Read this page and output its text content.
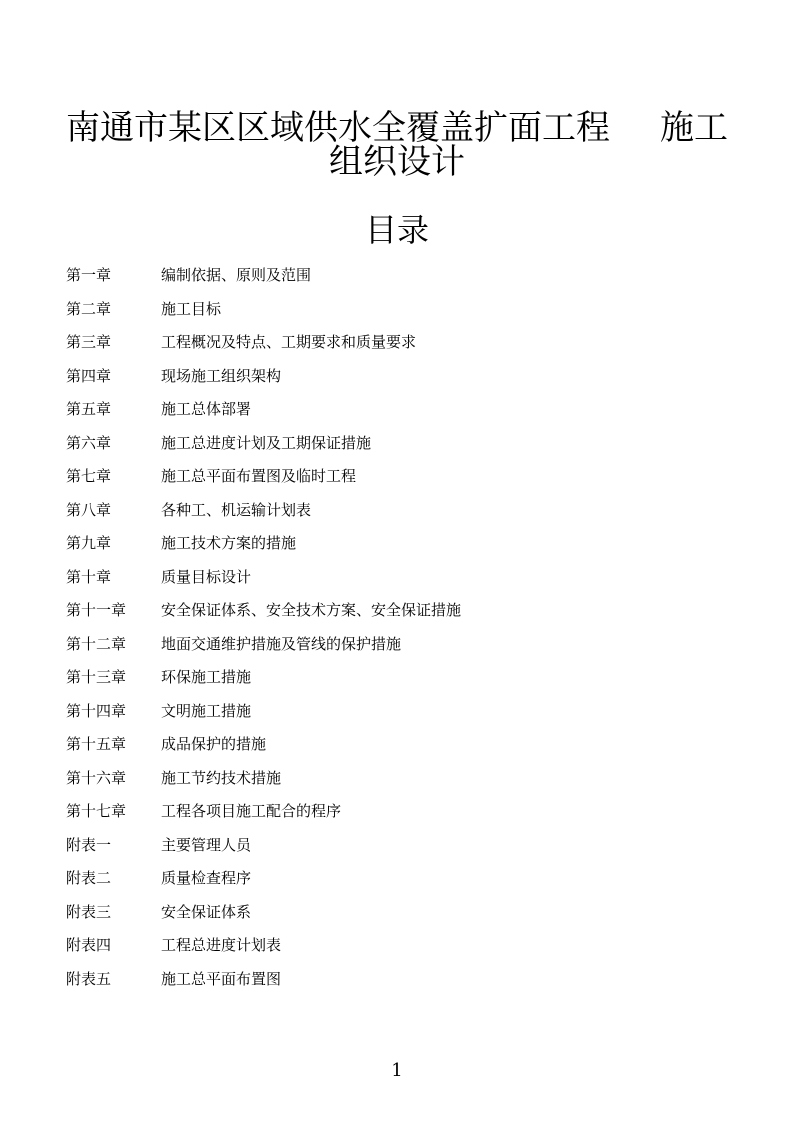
南通市某区区域供水全覆盖扩面工程 施工
组织设计
目录
第一章	编制依据、原则及范围
第二章	施工目标
第三章	工程概况及特点、工期要求和质量要求
第四章	现场施工组织架构
第五章	施工总体部署
第六章	施工总进度计划及工期保证措施
第七章	施工总平面布置图及临时工程
第八章	各种工、机运输计划表
第九章	施工技术方案的措施
第十章	质量目标设计
第十一章	安全保证体系、安全技术方案、安全保证措施
第十二章	地面交通维护措施及管线的保护措施
第十三章	环保施工措施
第十四章	文明施工措施
第十五章	成品保护的措施
第十六章	施工节约技术措施
第十七章	工程各项目施工配合的程序
附表一	主要管理人员
附表二	质量检查程序
附表三	安全保证体系
附表四	工程总进度计划表
附表五	施工总平面布置图
1
